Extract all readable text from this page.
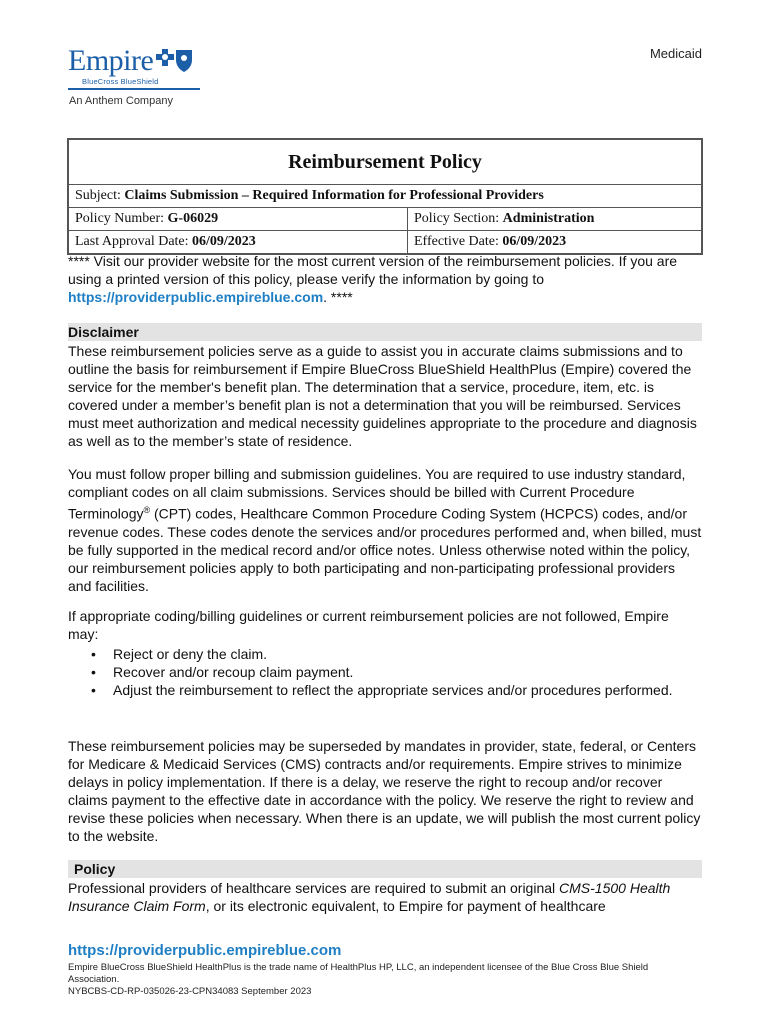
Empire
BlueCross BlueShield
An Anthem Company
Medicaid
Reimbursement Policy
Subject: Claims Submission – Required Information for Professional Providers
Policy Number: G-06029	Policy Section: Administration
Last Approval Date: 06/09/2023	Effective Date: 06/09/2023
**** Visit our provider website for the most current version of the reimbursement policies. If you are using a printed version of this policy, please verify the information by going to https://providerpublic.empireblue.com. ****
Disclaimer
These reimbursement policies serve as a guide to assist you in accurate claims submissions and to outline the basis for reimbursement if Empire BlueCross BlueShield HealthPlus (Empire) covered the service for the member's benefit plan. The determination that a service, procedure, item, etc. is covered under a member’s benefit plan is not a determination that you will be reimbursed. Services must meet authorization and medical necessity guidelines appropriate to the procedure and diagnosis as well as to the member’s state of residence.
You must follow proper billing and submission guidelines. You are required to use industry standard, compliant codes on all claim submissions. Services should be billed with Current Procedure Terminology® (CPT) codes, Healthcare Common Procedure Coding System (HCPCS) codes, and/or revenue codes. These codes denote the services and/or procedures performed and, when billed, must be fully supported in the medical record and/or office notes. Unless otherwise noted within the policy, our reimbursement policies apply to both participating and non-participating professional providers and facilities.
If appropriate coding/billing guidelines or current reimbursement policies are not followed, Empire may:
• Reject or deny the claim.
• Recover and/or recoup claim payment.
• Adjust the reimbursement to reflect the appropriate services and/or procedures performed.
These reimbursement policies may be superseded by mandates in provider, state, federal, or Centers for Medicare & Medicaid Services (CMS) contracts and/or requirements. Empire strives to minimize delays in policy implementation. If there is a delay, we reserve the right to recoup and/or recover claims payment to the effective date in accordance with the policy. We reserve the right to review and revise these policies when necessary. When there is an update, we will publish the most current policy to the website.
Policy
Professional providers of healthcare services are required to submit an original CMS-1500 Health Insurance Claim Form, or its electronic equivalent, to Empire for payment of healthcare
https://providerpublic.empireblue.com
Empire BlueCross BlueShield HealthPlus is the trade name of HealthPlus HP, LLC, an independent licensee of the Blue Cross Blue Shield Association.
NYBCBS-CD-RP-035026-23-CPN34083 September 2023
